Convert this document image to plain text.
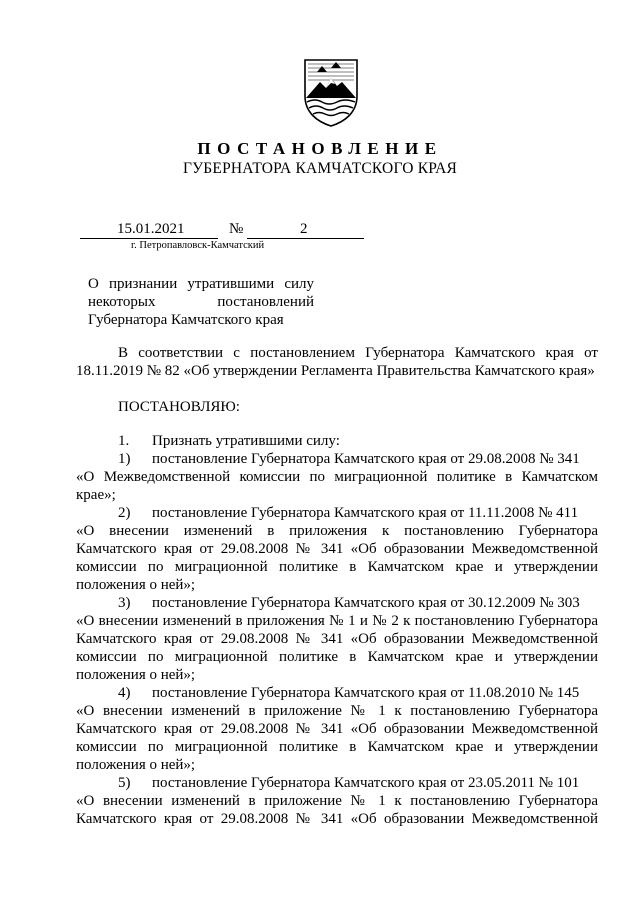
ПОСТАНОВЛЕНИЕ
ГУБЕРНАТОРА КАМЧАТСКОГО КРАЯ
15.01.2021	№	2
г. Петропавловск-Камчатский
О признании утратившими силу
некоторых постановлений
Губернатора Камчатского края
В соответствии с постановлением Губернатора Камчатского края от
18.11.2019 № 82 «Об утверждении Регламента Правительства Камчатского края»
ПОСТАНОВЛЯЮ:
1. Признать утратившими силу:
1) постановление Губернатора Камчатского края от 29.08.2008 № 341
«О Межведомственной комиссии по миграционной политике в Камчатском
крае»;
2) постановление Губернатора Камчатского края от 11.11.2008 № 411
«О внесении изменений в приложения к постановлению Губернатора
Камчатского края от 29.08.2008 № 341 «Об образовании Межведомственной
комиссии по миграционной политике в Камчатском крае и утверждении
положения о ней»;
3) постановление Губернатора Камчатского края от 30.12.2009 № 303
«О внесении изменений в приложения № 1 и № 2 к постановлению Губернатора
Камчатского края от 29.08.2008 № 341 «Об образовании Межведомственной
комиссии по миграционной политике в Камчатском крае и утверждении
положения о ней»;
4) постановление Губернатора Камчатского края от 11.08.2010 № 145
«О внесении изменений в приложение № 1 к постановлению Губернатора
Камчатского края от 29.08.2008 № 341 «Об образовании Межведомственной
комиссии по миграционной политике в Камчатском крае и утверждении
положения о ней»;
5) постановление Губернатора Камчатского края от 23.05.2011 № 101
«О внесении изменений в приложение № 1 к постановлению Губернатора
Камчатского края от 29.08.2008 № 341 «Об образовании Межведомственной
